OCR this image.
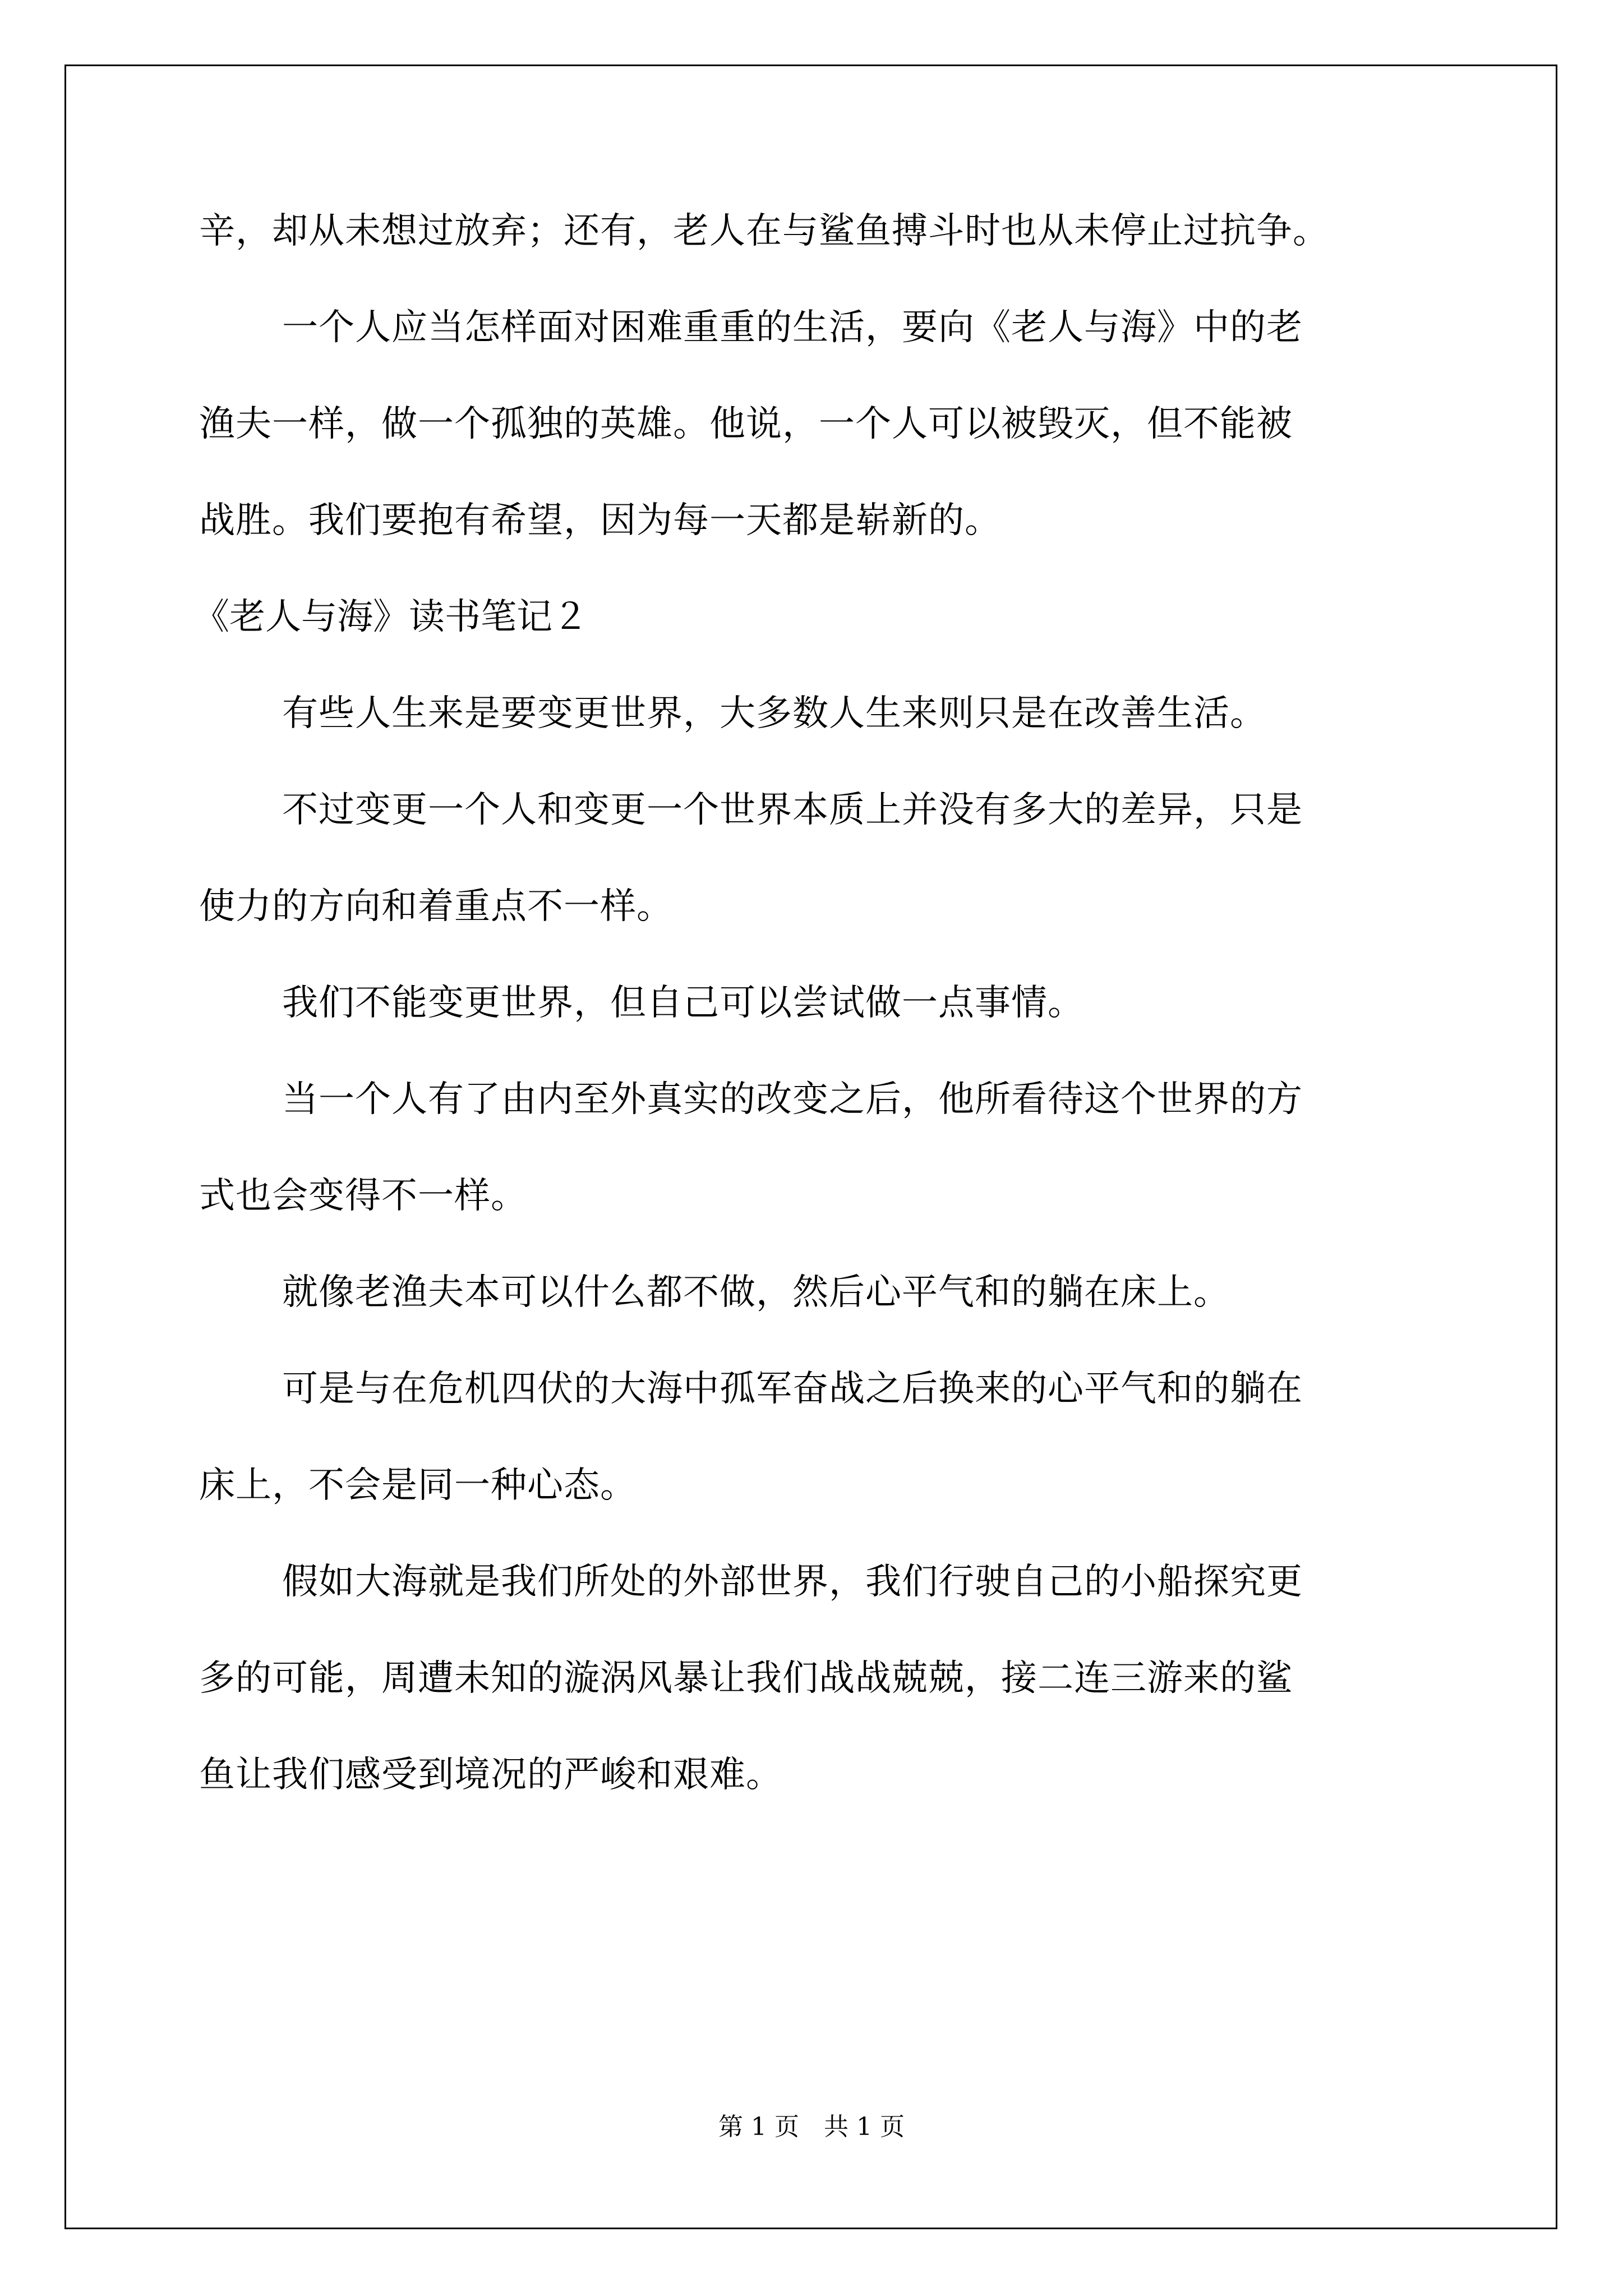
辛，却从未想过放弃；还有，老人在与鲨鱼搏斗时也从未停止过抗争。
一个人应当怎样面对困难重重的生活，要向《老人与海》中的老
渔夫一样，做一个孤独的英雄。他说，一个人可以被毁灭，但不能被
战胜。我们要抱有希望，因为每一天都是崭新的。
《老人与海》读书笔记２
有些人生来是要变更世界，大多数人生来则只是在改善生活。
不过变更一个人和变更一个世界本质上并没有多大的差异，只是
使力的方向和着重点不一样。
我们不能变更世界，但自己可以尝试做一点事情。
当一个人有了由内至外真实的改变之后，他所看待这个世界的方
式也会变得不一样。
就像老渔夫本可以什么都不做，然后心平气和的躺在床上。
可是与在危机四伏的大海中孤军奋战之后换来的心平气和的躺在
床上，不会是同一种心态。
假如大海就是我们所处的外部世界，我们行驶自己的小船探究更
多的可能，周遭未知的漩涡风暴让我们战战兢兢，接二连三游来的鲨
鱼让我们感受到境况的严峻和艰难。
第 1 页　共 1 页
